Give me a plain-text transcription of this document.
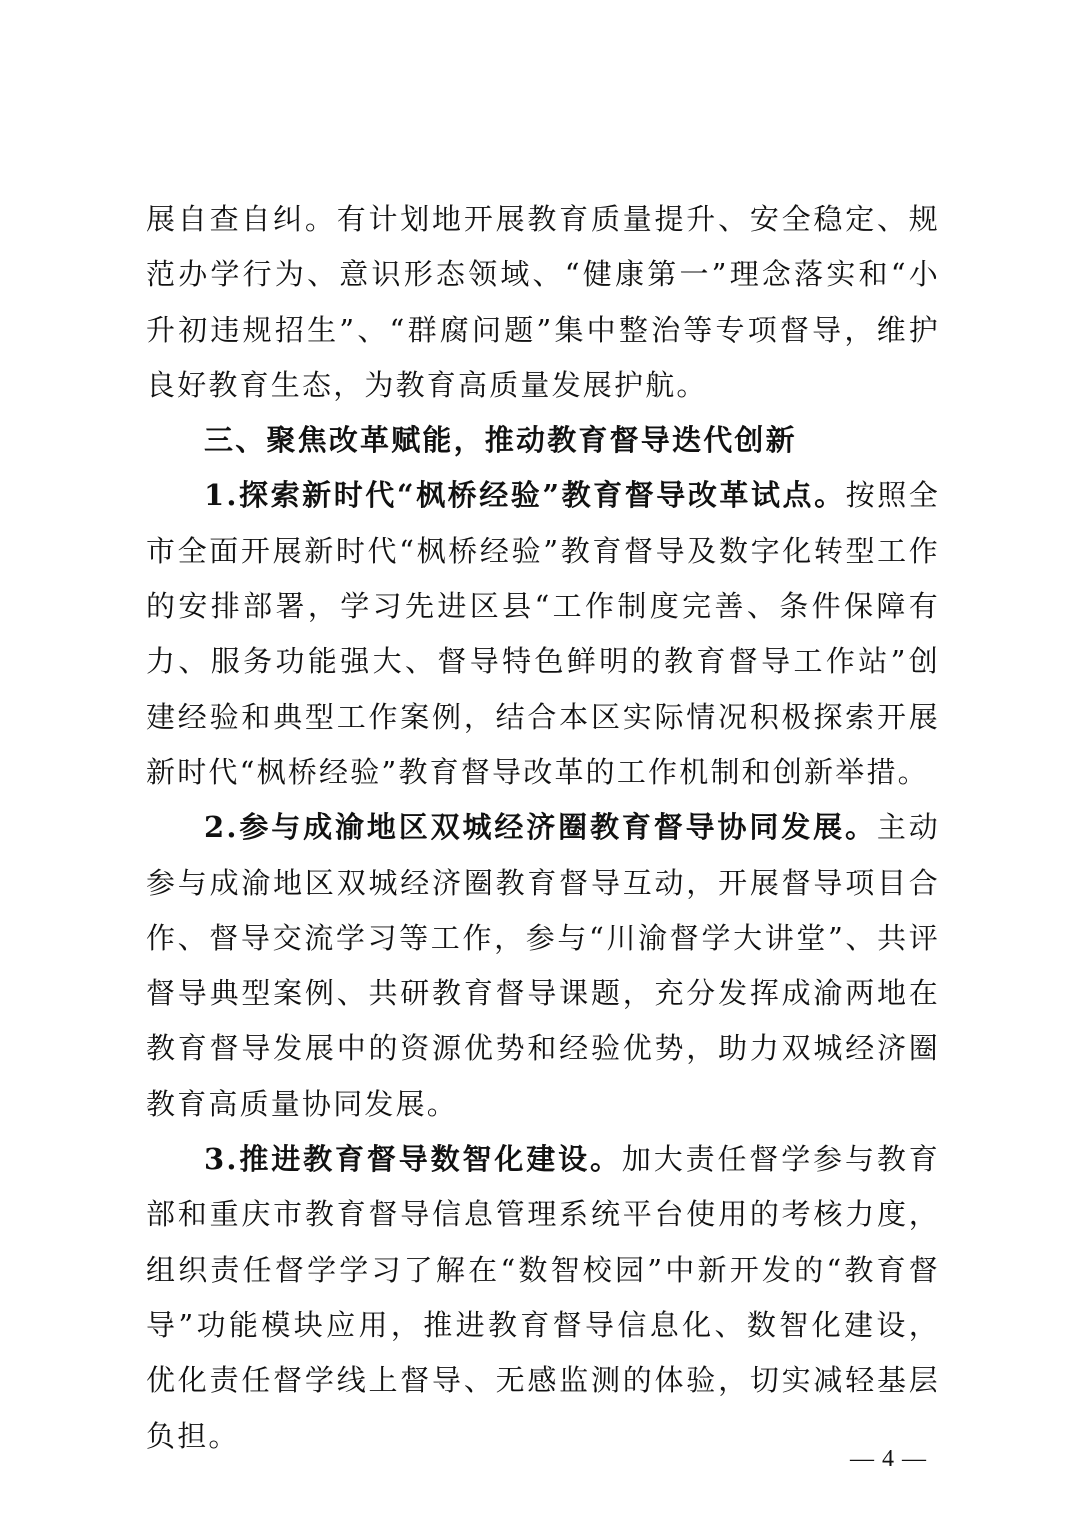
展自查自纠。有计划地开展教育质量提升、安全稳定、规范办学行为、意识形态领域、“健康第一”理念落实和“小升初违规招生”、“群腐问题”集中整治等专项督导，维护良好教育生态，为教育高质量发展护航。

三、聚焦改革赋能，推动教育督导迭代创新

1.探索新时代“枫桥经验”教育督导改革试点。按照全市全面开展新时代“枫桥经验”教育督导及数字化转型工作的安排部署，学习先进区县“工作制度完善、条件保障有力、服务功能强大、督导特色鲜明的教育督导工作站”创建经验和典型工作案例，结合本区实际情况积极探索开展新时代“枫桥经验”教育督导改革的工作机制和创新举措。

2.参与成渝地区双城经济圈教育督导协同发展。主动参与成渝地区双城经济圈教育督导互动，开展督导项目合作、督导交流学习等工作，参与“川渝督学大讲堂”、共评督导典型案例、共研教育督导课题，充分发挥成渝两地在教育督导发展中的资源优势和经验优势，助力双城经济圈教育高质量协同发展。

3.推进教育督导数智化建设。加大责任督学参与教育部和重庆市教育督导信息管理系统平台使用的考核力度，组织责任督学学习了解在“数智校园”中新开发的“教育督导”功能模块应用，推进教育督导信息化、数智化建设，优化责任督学线上督导、无感监测的体验，切实减轻基层负担。

— 4 —
